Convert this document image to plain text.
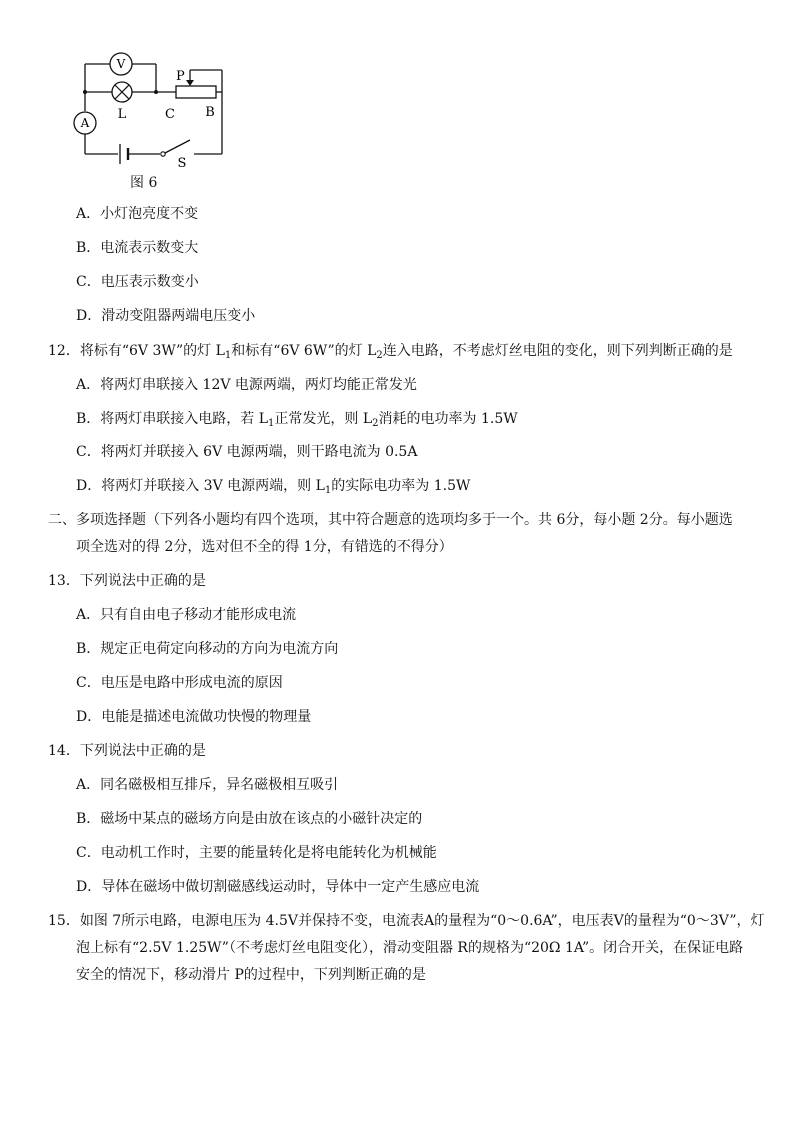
V
A
P
L	C B
S
图 6
A．小灯泡亮度不变
B．电流表示数变大
C．电压表示数变小
D．滑动变阻器两端电压变小
12．将标有“6V 3W”的灯 $L_1$和标有“6V 6W”的灯 $L_2$连入电路，不考虑灯丝电阻的变化，则下列判断正确的是
A．将两灯串联接入 12V 电源两端，两灯均能正常发光
B．将两灯串联接入电路，若 $L_1$正常发光，则 $L_2$消耗的电功率为 1.5W
C．将两灯并联接入 6V 电源两端，则干路电流为 0.5A
D．将两灯并联接入 3V 电源两端，则 $L_1$的实际电功率为 1.5W
二、多项选择题（下列各小题均有四个选项，其中符合题意的选项均多于一个。共 6分，每小题 2分。每小题选
项全选对的得 2分，选对但不全的得 1分，有错选的不得分）
13．下列说法中正确的是
A．只有自由电子移动才能形成电流
B．规定正电荷定向移动的方向为电流方向
C．电压是电路中形成电流的原因
D．电能是描述电流做功快慢的物理量
14．下列说法中正确的是
A．同名磁极相互排斥，异名磁极相互吸引
B．磁场中某点的磁场方向是由放在该点的小磁针决定的
C．电动机工作时，主要的能量转化是将电能转化为机械能
D．导体在磁场中做切割磁感线运动时，导体中一定产生感应电流
15．如图 7所示电路，电源电压为 4.5V并保持不变，电流表A的量程为“0～0.6A”，电压表V的量程为“0～3V”，灯
泡上标有“2.5V 1.25W”（不考虑灯丝电阻变化），滑动变阻器 R的规格为“20Ω 1A”。闭合开关，在保证电路
安全的情况下，移动滑片 P的过程中，下列判断正确的是
